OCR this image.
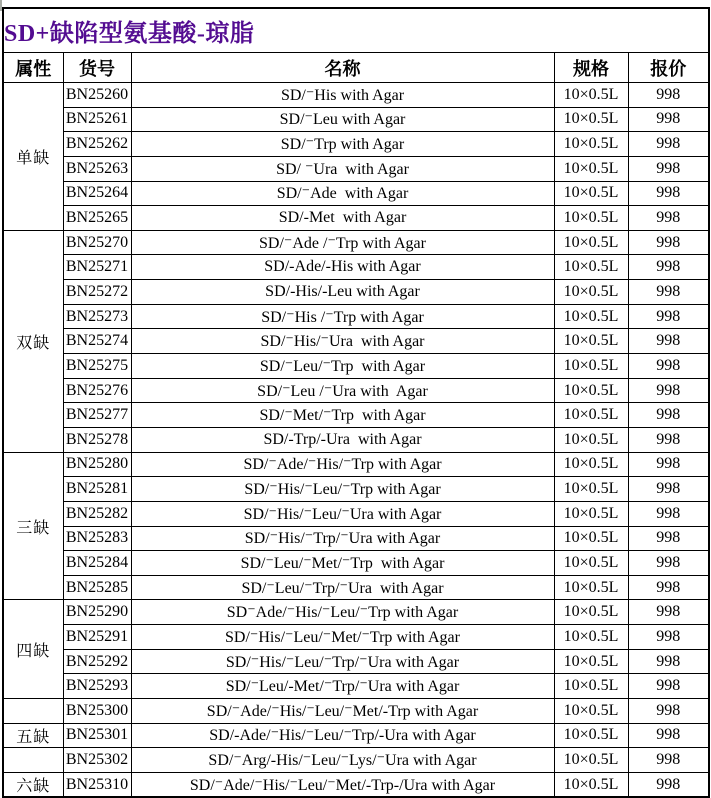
SD+缺陷型氨基酸-琼脂				
属性	货号	名称	规格	报价
单缺	BN25260	SD/⁻His with Agar	10×0.5L	998
	BN25261	SD/⁻Leu with Agar	10×0.5L	998
	BN25262	SD/⁻Trp with Agar	10×0.5L	998
	BN25263	SD/ ⁻Ura  with Agar	10×0.5L	998
	BN25264	SD/⁻Ade  with Agar	10×0.5L	998
	BN25265	SD/-Met  with Agar	10×0.5L	998
双缺	BN25270	SD/⁻Ade /⁻Trp with Agar	10×0.5L	998
	BN25271	SD/-Ade/-His with Agar	10×0.5L	998
	BN25272	SD/-His/-Leu with Agar	10×0.5L	998
	BN25273	SD/⁻His /⁻Trp with Agar	10×0.5L	998
	BN25274	SD/⁻His/⁻Ura  with Agar	10×0.5L	998
	BN25275	SD/⁻Leu/⁻Trp  with Agar	10×0.5L	998
	BN25276	SD/⁻Leu /⁻Ura with  Agar	10×0.5L	998
	BN25277	SD/⁻Met/⁻Trp  with Agar	10×0.5L	998
	BN25278	SD/-Trp/-Ura  with Agar	10×0.5L	998
三缺	BN25280	SD/⁻Ade/⁻His/⁻Trp with Agar	10×0.5L	998
	BN25281	SD/⁻His/⁻Leu/⁻Trp with Agar	10×0.5L	998
	BN25282	SD/⁻His/⁻Leu/⁻Ura with Agar	10×0.5L	998
	BN25283	SD/⁻His/⁻Trp/⁻Ura with Agar	10×0.5L	998
	BN25284	SD/⁻Leu/⁻Met/⁻Trp  with Agar	10×0.5L	998
	BN25285	SD/⁻Leu/⁻Trp/⁻Ura  with Agar	10×0.5L	998
四缺	BN25290	SD⁻Ade/⁻His/⁻Leu/⁻Trp with Agar	10×0.5L	998
	BN25291	SD/⁻His/⁻Leu/⁻Met/⁻Trp with Agar	10×0.5L	998
	BN25292	SD/⁻His/⁻Leu/⁻Trp/⁻Ura with Agar	10×0.5L	998
	BN25293	SD/⁻Leu/-Met/⁻Trp/⁻Ura with Agar	10×0.5L	998
	BN25300	SD/⁻Ade/⁻His/⁻Leu/⁻Met/-Trp with Agar	10×0.5L	998
五缺	BN25301	SD/-Ade/⁻His/⁻Leu/⁻Trp/-Ura with Agar	10×0.5L	998
	BN25302	SD/⁻Arg/-His/⁻Leu/⁻Lys/⁻Ura with Agar	10×0.5L	998
六缺	BN25310	SD/⁻Ade/⁻His/⁻Leu/⁻Met/-Trp-/Ura with Agar	10×0.5L	998
